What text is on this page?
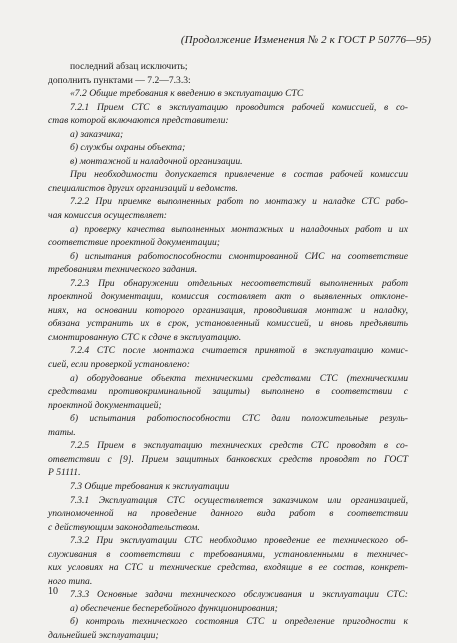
(Продолжение Изменения № 2 к ГОСТ Р 50776—95)
последний абзац исключить;
дополнить пунктами — 7.2—7.3.3:
«7.2 Общие требования к введению в эксплуатацию СТС
7.2.1 Прием СТС в эксплуатацию проводится рабочей комиссией, в со-
став которой включаются представители:
а) заказчика;
б) службы охраны объекта;
в) монтажной и наладочной организации.
При необходимости допускается привлечение в состав рабочей комиссии
специалистов других организаций и ведомств.
7.2.2 При приемке выполненных работ по монтажу и наладке СТС рабо-
чая комиссия осуществляет:
а) проверку качества выполненных монтажных и наладочных работ и их
соответствие проектной документации;
б) испытания работоспособности смонтированной СИС на соответствие
требованиям технического задания.
7.2.3 При обнаружении отдельных несоответствий выполненных работ
проектной документации, комиссия составляет акт о выявленных отклоне-
ниях, на основании которого организация, проводившая монтаж и наладку,
обязана устранить их в срок, установленный комиссией, и вновь предъявить
смонтированную СТС к сдаче в эксплуатацию.
7.2.4 СТС после монтажа считается принятой в эксплуатацию комис-
сией, если проверкой установлено:
а) оборудование объекта техническими средствами СТС (техническими
средствами противокриминальной защиты) выполнено в соответствии с
проектной документацией;
б) испытания работоспособности СТС дали положительные резуль-
таты.
7.2.5 Прием в эксплуатацию технических средств СТС проводят в со-
ответствии с [9]. Прием защитных банковских средств проводят по ГОСТ
Р 51111.
7.3 Общие требования к эксплуатации
7.3.1 Эксплуатация СТС осуществляется заказчиком или организацией,
уполномоченной на проведение данного вида работ в соответствии
с действующим законодательством.
7.3.2 При эксплуатации СТС необходимо проведение ее технического об-
служивания в соответствии с требованиями, установленными в техничес-
ких условиях на СТС и технические средства, входящие в ее состав, конкрет-
ного типа.
7.3.3 Основные задачи технического обслуживания и эксплуатации СТС:
а) обеспечение бесперебойного функционирования;
б) контроль технического состояния СТС и определение пригодности к
дальнейшей эксплуатации;
10
